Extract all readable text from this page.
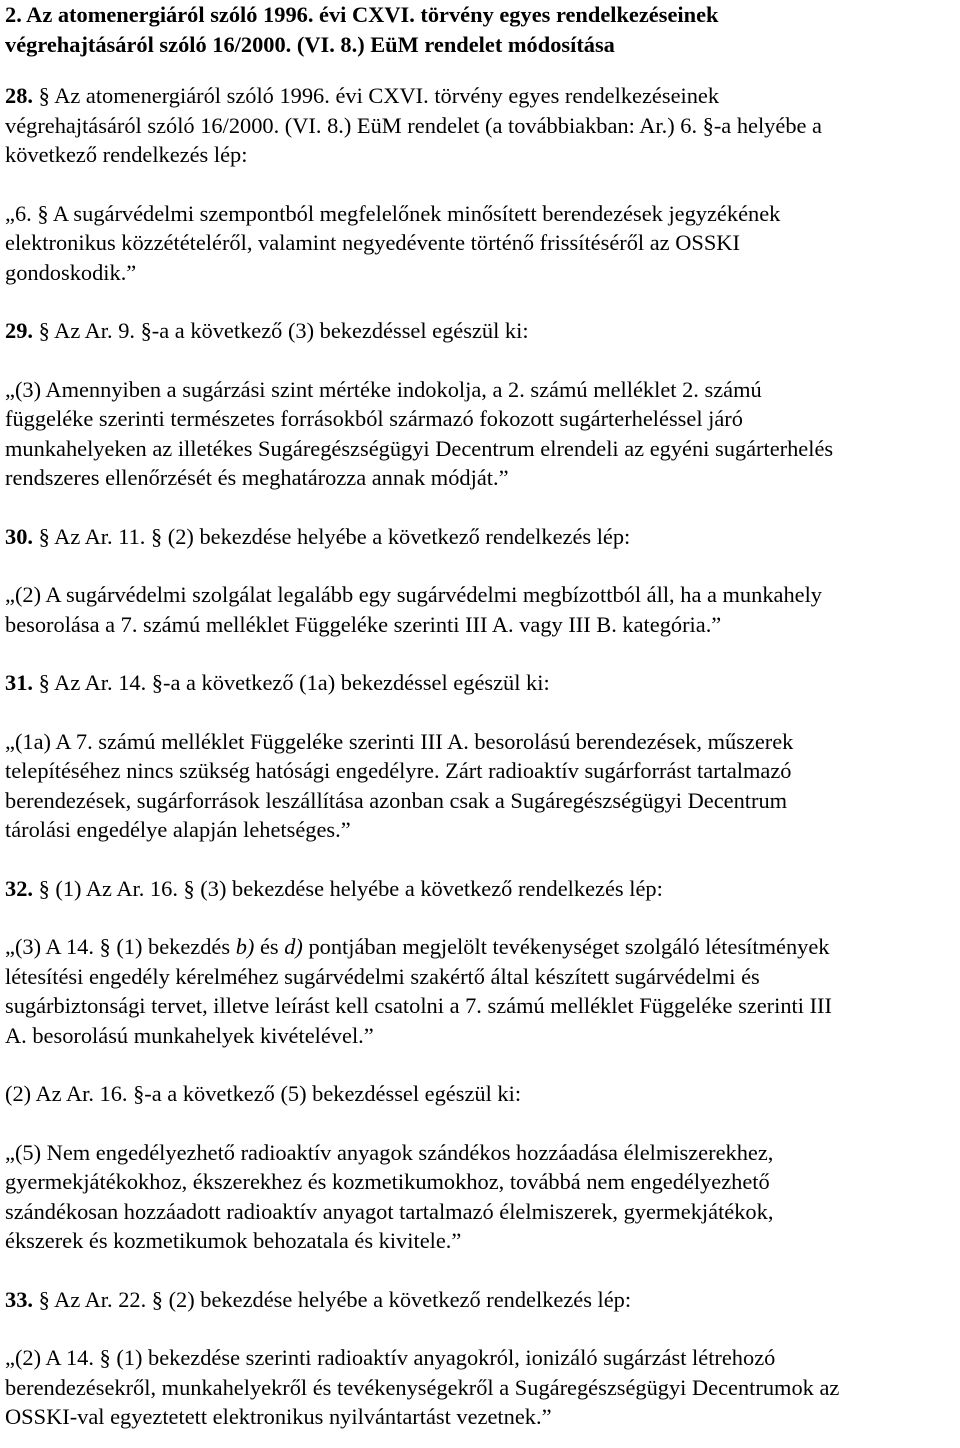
2. Az atomenergiáról szóló 1996. évi CXVI. törvény egyes rendelkezéseinek

végrehajtásáról szóló 16/2000. (VI. 8.) EüM rendelet módosítása

28. § Az atomenergiáról szóló 1996. évi CXVI. törvény egyes rendelkezéseinek

végrehajtásáról szóló 16/2000. (VI. 8.) EüM rendelet (a továbbiakban: Ar.) 6. §-a helyébe a

következő rendelkezés lép:

„6. § A sugárvédelmi szempontból megfelelőnek minősített berendezések jegyzékének

elektronikus közzétételéről, valamint negyedévente történő frissítéséről az OSSKI

gondoskodik.”

29. § Az Ar. 9. §-a a következő (3) bekezdéssel egészül ki:

„(3) Amennyiben a sugárzási szint mértéke indokolja, a 2. számú melléklet 2. számú

függeléke szerinti természetes forrásokból származó fokozott sugárterheléssel járó

munkahelyeken az illetékes Sugáregészségügyi Decentrum elrendeli az egyéni sugárterhelés

rendszeres ellenőrzését és meghatározza annak módját.”

30. § Az Ar. 11. § (2) bekezdése helyébe a következő rendelkezés lép:

„(2) A sugárvédelmi szolgálat legalább egy sugárvédelmi megbízottból áll, ha a munkahely

besorolása a 7. számú melléklet Függeléke szerinti III A. vagy III B. kategória.”

31. § Az Ar. 14. §-a a következő (1a) bekezdéssel egészül ki:

„(1a) A 7. számú melléklet Függeléke szerinti III A. besorolású berendezések, műszerek

telepítéséhez nincs szükség hatósági engedélyre. Zárt radioaktív sugárforrást tartalmazó

berendezések, sugárforrások leszállítása azonban csak a Sugáregészségügyi Decentrum

tárolási engedélye alapján lehetséges.”

32. § (1) Az Ar. 16. § (3) bekezdése helyébe a következő rendelkezés lép:

„(3) A 14. § (1) bekezdés b) és d) pontjában megjelölt tevékenységet szolgáló létesítmények

létesítési engedély kérelméhez sugárvédelmi szakértő által készített sugárvédelmi és

sugárbiztonsági tervet, illetve leírást kell csatolni a 7. számú melléklet Függeléke szerinti III

A. besorolású munkahelyek kivételével.”

(2) Az Ar. 16. §-a a következő (5) bekezdéssel egészül ki:

„(5) Nem engedélyezhető radioaktív anyagok szándékos hozzáadása élelmiszerekhez,

gyermekjátékokhoz, ékszerekhez és kozmetikumokhoz, továbbá nem engedélyezhető

szándékosan hozzáadott radioaktív anyagot tartalmazó élelmiszerek, gyermekjátékok,

ékszerek és kozmetikumok behozatala és kivitele.”

33. § Az Ar. 22. § (2) bekezdése helyébe a következő rendelkezés lép:

„(2) A 14. § (1) bekezdése szerinti radioaktív anyagokról, ionizáló sugárzást létrehozó

berendezésekről, munkahelyekről és tevékenységekről a Sugáregészségügyi Decentrumok az

OSSKI-val egyeztetett elektronikus nyilvántartást vezetnek.”
